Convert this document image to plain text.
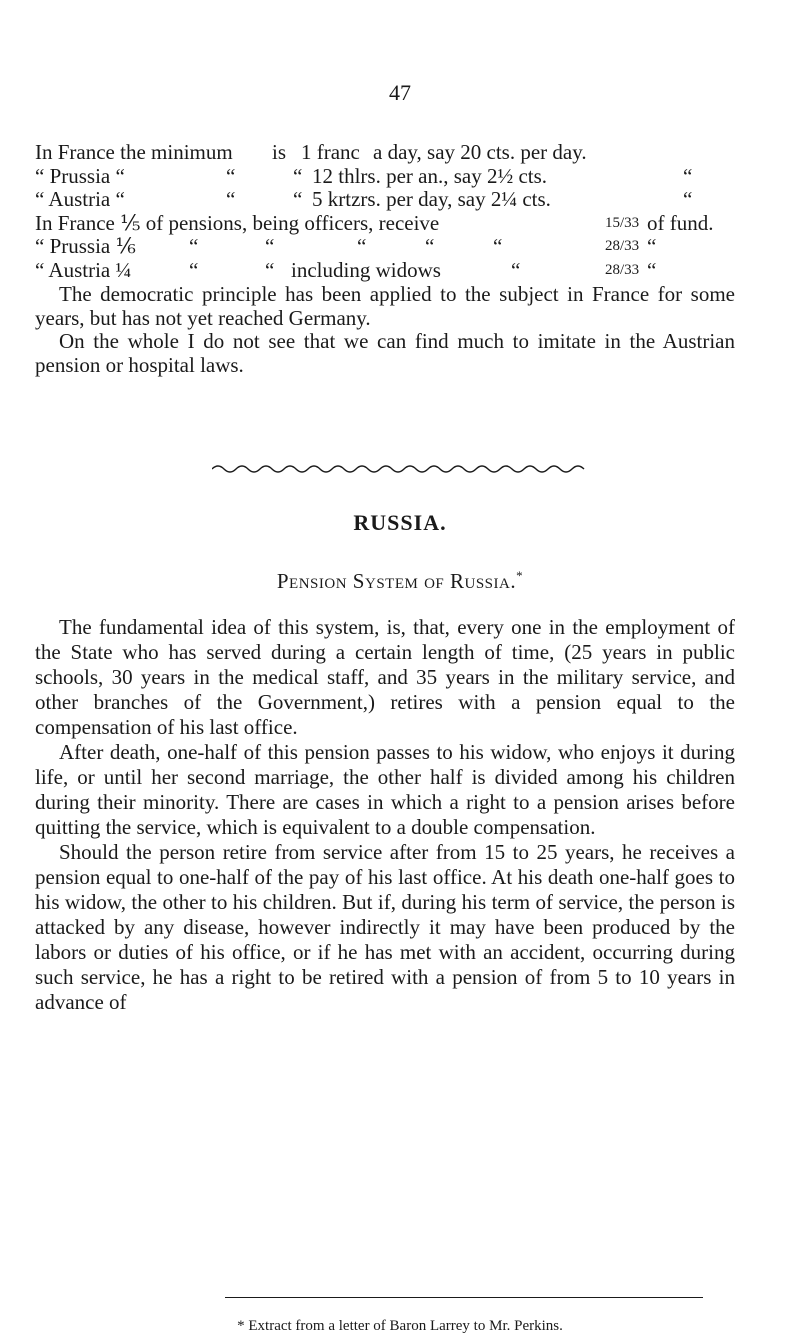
47
In France the minimum is 1 franc a day, say 20 cts. per day.
“ Prussia “	“	“ 12 thlrs. per an., say 2½ cts.	“
“ Austria “	“	“ 5 krtzrs. per day, say 2¼ cts.	“
In France ⅕ of pensions, being officers, receive	15/33 of fund.
“ Prussia ⅙	“	“	“	“	“	28/33 “
“ Austria ¼	“	“ including widows	“	28/33 “

The democratic principle has been applied to the subject in France for some years, but has not yet reached Germany.

On the whole I do not see that we can find much to imitate in the Austrian pension or hospital laws.

RUSSIA.
Pension System of Russia.*

The fundamental idea of this system, is, that, every one in the employment of the State who has served during a certain length of time, (25 years in public schools, 30 years in the medical staff, and 35 years in the military service, and other branches of the Government,) retires with a pension equal to the compensation of his last office.

After death, one-half of this pension passes to his widow, who enjoys it during life, or until her second marriage, the other half is divided among his children during their minority. There are cases in which a right to a pension arises before quitting the service, which is equivalent to a double compensation.

Should the person retire from service after from 15 to 25 years, he receives a pension equal to one-half of the pay of his last office. At his death one-half goes to his widow, the other to his children. But if, during his term of service, the person is attacked by any disease, however indirectly it may have been produced by the labors or duties of his office, or if he has met with an accident, occurring during such service, he has a right to be retired with a pension of from 5 to 10 years in advance of

* Extract from a letter of Baron Larrey to Mr. Perkins.
